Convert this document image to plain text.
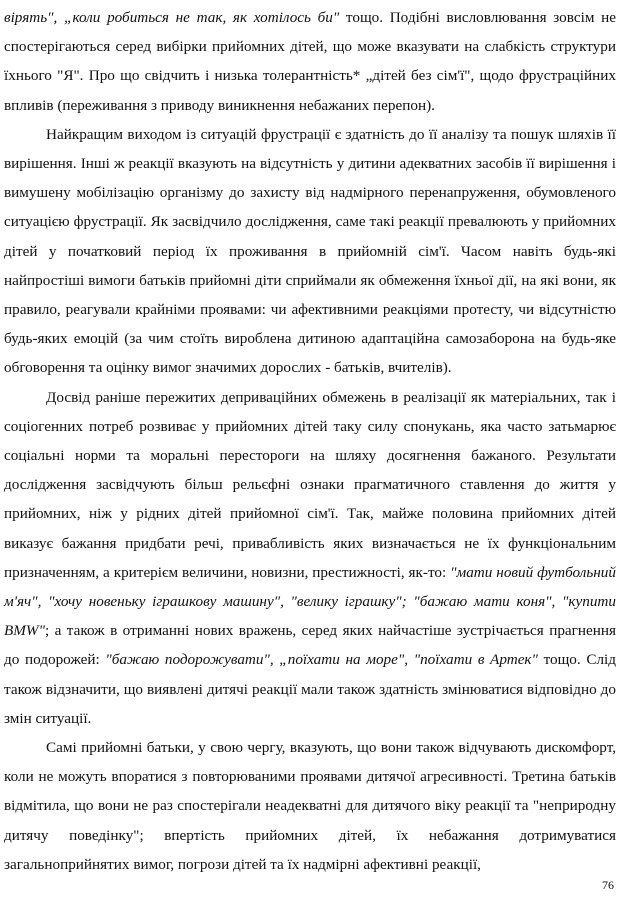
вірять", „коли робиться не так, як хотілось би" тощо. Подібні висловлювання зовсім не спостерігаються серед вибірки прийомних дітей, що може вказувати на слабкість структури їхнього "Я". Про що свідчить і низька толерантність* „дітей без сім'ї", щодо фрустраційних впливів (переживання з приводу виникнення небажаних перепон).

Найкращим виходом із ситуацій фрустрації є здатність до її аналізу та пошук шляхів її вирішення. Інші ж реакції вказують на відсутність у дитини адекватних засобів її вирішення і вимушену мобілізацію організму до захисту від надмірного перенапруження, обумовленого ситуацією фрустрації. Як засвідчило дослідження, саме такі реакції превалюють у прийомних дітей у початковий період їх проживання в прийомній сім'ї. Часом навіть будь-які найпростіші вимоги батьків прийомні діти сприймали як обмеження їхньої дії, на які вони, як правило, реагували крайніми проявами: чи афективними реакціями протесту, чи відсутністю будь-яких емоцій (за чим стоїть вироблена дитиною адаптаційна самозаборона на будь-яке обговорення та оцінку вимог значимих дорослих - батьків, вчителів).

Досвід раніше пережитих деприваційних обмежень в реалізації як матеріальних, так і соціогенних потреб розвиває у прийомних дітей таку силу спонукань, яка часто затьмарює соціальні норми та моральні перестороги на шляху досягнення бажаного. Результати дослідження засвідчують більш рельєфні ознаки прагматичного ставлення до життя у прийомних, ніж у рідних дітей прийомної сім'ї. Так, майже половина прийомних дітей виказує бажання придбати речі, привабливість яких визначається не їх функціональним призначенням, а критерієм величини, новизни, престижності, як-то: "мати новий футбольний м'яч", "хочу новеньку іграшкову машину", "велику іграшку"; "бажаю мати коня", "купити BMW"; а також в отриманні нових вражень, серед яких найчастіше зустрічається прагнення до подорожей: "бажаю подорожувати", „поїхати на море", "поїхати в Артек" тощо. Слід також відзначити, що виявлені дитячі реакції мали також здатність змінюватися відповідно до змін ситуації.

Самі прийомні батьки, у свою чергу, вказують, що вони також відчувають дискомфорт, коли не можуть впоратися з повторюваними проявами дитячої агресивності. Третина батьків відмітила, що вони не раз спостерігали неадекватні для дитячого віку реакції та "неприродну дитячу поведінку"; впертість прийомних дітей, їх небажання дотримуватися загальноприйнятих вимог, погрози дітей та їх надмірні афективні реакції,

76
